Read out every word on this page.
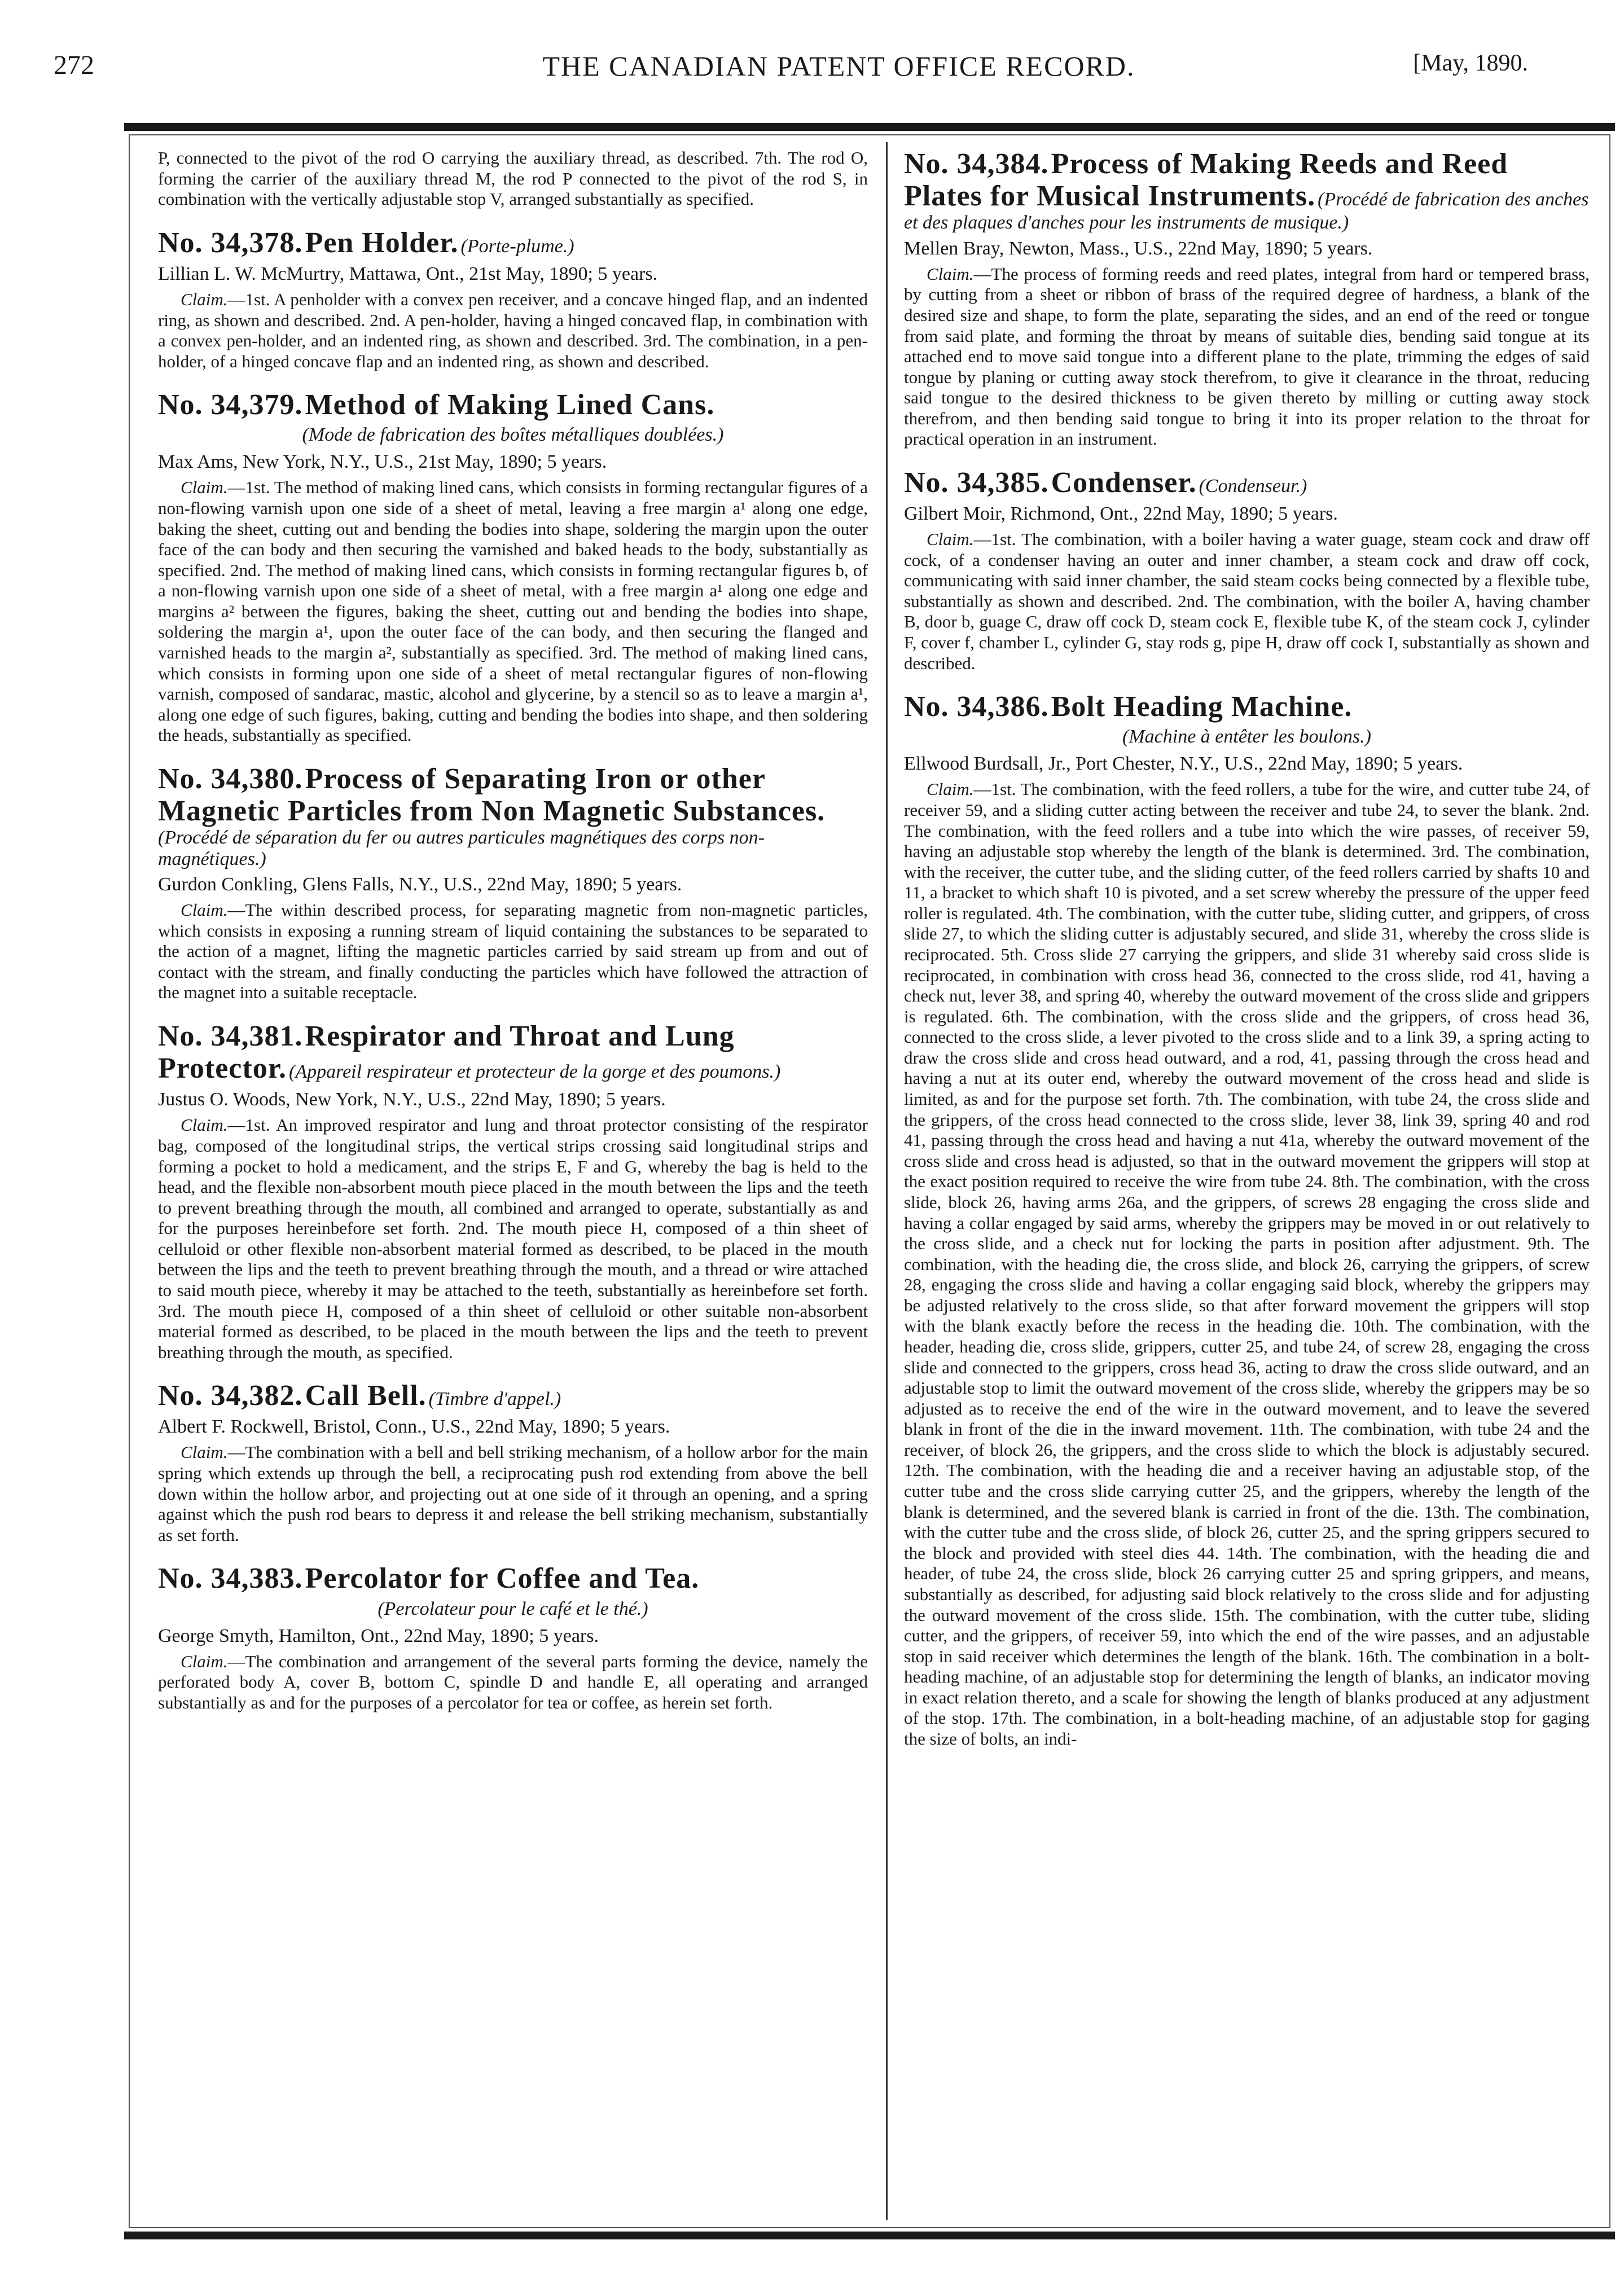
272	THE CANADIAN PATENT OFFICE RECORD.	[May, 1890.

P, connected to the pivot of the rod O carrying the auxiliary thread, as described. 7th. The rod O, forming the carrier of the auxiliary thread M, the rod P connected to the pivot of the rod S, in combination with the vertically adjustable stop V, arranged substantially as specified.

No. 34,378. Pen Holder. (Porte-plume.)
Lillian L. W. McMurtry, Mattawa, Ont., 21st May, 1890; 5 years.

Claim.—1st. A penholder with a convex pen receiver, and a concave hinged flap, and an indented ring, as shown and described. 2nd. A pen-holder, having a hinged concaved flap, in combination with a convex pen-holder, and an indented ring, as shown and described. 3rd. The combination, in a pen-holder, of a hinged concave flap and an indented ring, as shown and described.

No. 34,379. Method of Making Lined Cans.
(Mode de fabrication des boîtes métalliques doublées.)
Max Ams, New York, N.Y., U.S., 21st May, 1890; 5 years.

Claim.—1st. The method of making lined cans, which consists in forming rectangular figures of a non-flowing varnish upon one side of a sheet of metal, leaving a free margin a¹ along one edge, baking the sheet, cutting out and bending the bodies into shape, soldering the margin upon the outer face of the can body and then securing the varnished and baked heads to the body, substantially as specified. 2nd. The method of making lined cans, which consists in forming rectangular figures b, of a non-flowing varnish upon one side of a sheet of metal, with a free margin a¹ along one edge and margins a² between the figures, baking the sheet, cutting out and bending the bodies into shape, soldering the margin a¹, upon the outer face of the can body, and then securing the flanged and varnished heads to the margin a², substantially as specified. 3rd. The method of making lined cans, which consists in forming upon one side of a sheet of metal rectangular figures of non-flowing varnish, composed of sandarac, mastic, alcohol and glycerine, by a stencil so as to leave a margin a¹, along one edge of such figures, baking, cutting and bending the bodies into shape, and then soldering the heads, substantially as specified.

No. 34,380. Process of Separating Iron or other Magnetic Particles from Non Magnetic Substances. (Procédé de séparation du fer ou autres particules magnétiques des corps non-magnétiques.)
Gurdon Conkling, Glens Falls, N.Y., U.S., 22nd May, 1890; 5 years.

Claim.—The within described process, for separating magnetic from non-magnetic particles, which consists in exposing a running stream of liquid containing the substances to be separated to the action of a magnet, lifting the magnetic particles carried by said stream up from and out of contact with the stream, and finally conducting the particles which have followed the attraction of the magnet into a suitable receptacle.

No. 34,381. Respirator and Throat and Lung Protector. (Appareil respirateur et protecteur de la gorge et des poumons.)
Justus O. Woods, New York, N.Y., U.S., 22nd May, 1890; 5 years.

Claim.—1st. An improved respirator and lung and throat protector consisting of the respirator bag, composed of the longitudinal strips, the vertical strips crossing said longitudinal strips and forming a pocket to hold a medicament, and the strips E, F and G, whereby the bag is held to the head, and the flexible non-absorbent mouth piece placed in the mouth between the lips and the teeth to prevent breathing through the mouth, all combined and arranged to operate, substantially as and for the purposes hereinbefore set forth. 2nd. The mouth piece H, composed of a thin sheet of celluloid or other flexible non-absorbent material formed as described, to be placed in the mouth between the lips and the teeth to prevent breathing through the mouth, and a thread or wire attached to said mouth piece, whereby it may be attached to the teeth, substantially as hereinbefore set forth. 3rd. The mouth piece H, composed of a thin sheet of celluloid or other suitable non-absorbent material formed as described, to be placed in the mouth between the lips and the teeth to prevent breathing through the mouth, as specified.

No. 34,382. Call Bell. (Timbre d'appel.)
Albert F. Rockwell, Bristol, Conn., U.S., 22nd May, 1890; 5 years.

Claim.—The combination with a bell and bell striking mechanism, of a hollow arbor for the main spring which extends up through the bell, a reciprocating push rod extending from above the bell down within the hollow arbor, and projecting out at one side of it through an opening, and a spring against which the push rod bears to depress it and release the bell striking mechanism, substantially as set forth.

No. 34,383. Percolator for Coffee and Tea.
(Percolateur pour le café et le thé.)
George Smyth, Hamilton, Ont., 22nd May, 1890; 5 years.

Claim.—The combination and arrangement of the several parts forming the device, namely the perforated body A, cover B, bottom C, spindle D and handle E, all operating and arranged substantially as and for the purposes of a percolator for tea or coffee, as herein set forth.

No. 34,384. Process of Making Reeds and Reed Plates for Musical Instruments. (Procédé de fabrication des anches et des plaques d'anches pour les instruments de musique.)
Mellen Bray, Newton, Mass., U.S., 22nd May, 1890; 5 years.

Claim.—The process of forming reeds and reed plates, integral from hard or tempered brass, by cutting from a sheet or ribbon of brass of the required degree of hardness, a blank of the desired size and shape, to form the plate, separating the sides, and an end of the reed or tongue from said plate, and forming the throat by means of suitable dies, bending said tongue at its attached end to move said tongue into a different plane to the plate, trimming the edges of said tongue by planing or cutting away stock therefrom, to give it clearance in the throat, reducing said tongue to the desired thickness to be given thereto by milling or cutting away stock therefrom, and then bending said tongue to bring it into its proper relation to the throat for practical operation in an instrument.

No. 34,385. Condenser. (Condenseur.)
Gilbert Moir, Richmond, Ont., 22nd May, 1890; 5 years.

Claim.—1st. The combination, with a boiler having a water guage, steam cock and draw off cock, of a condenser having an outer and inner chamber, a steam cock and draw off cock, communicating with said inner chamber, the said steam cocks being connected by a flexible tube, substantially as shown and described. 2nd. The combination, with the boiler A, having chamber B, door b, guage C, draw off cock D, steam cock E, flexible tube K, of the steam cock J, cylinder F, cover f, chamber L, cylinder G, stay rods g, pipe H, draw off cock I, substantially as shown and described.

No. 34,386. Bolt Heading Machine.
(Machine à entêter les boulons.)
Ellwood Burdsall, Jr., Port Chester, N.Y., U.S., 22nd May, 1890; 5 years.

Claim.—1st. The combination, with the feed rollers, a tube for the wire, and cutter tube 24, of receiver 59, and a sliding cutter acting between the receiver and tube 24, to sever the blank. 2nd. The combination, with the feed rollers and a tube into which the wire passes, of receiver 59, having an adjustable stop whereby the length of the blank is determined. 3rd. The combination, with the receiver, the cutter tube, and the sliding cutter, of the feed rollers carried by shafts 10 and 11, a bracket to which shaft 10 is pivoted, and a set screw whereby the pressure of the upper feed roller is regulated. 4th. The combination, with the cutter tube, sliding cutter, and grippers, of cross slide 27, to which the sliding cutter is adjustably secured, and slide 31, whereby the cross slide is reciprocated. 5th. Cross slide 27 carrying the grippers, and slide 31 whereby said cross slide is reciprocated, in combination with cross head 36, connected to the cross slide, rod 41, having a check nut, lever 38, and spring 40, whereby the outward movement of the cross slide and grippers is regulated. 6th. The combination, with the cross slide and the grippers, of cross head 36, connected to the cross slide, a lever pivoted to the cross slide and to a link 39, a spring acting to draw the cross slide and cross head outward, and a rod, 41, passing through the cross head and having a nut at its outer end, whereby the outward movement of the cross head and slide is limited, as and for the purpose set forth. 7th. The combination, with tube 24, the cross slide and the grippers, of the cross head connected to the cross slide, lever 38, link 39, spring 40 and rod 41, passing through the cross head and having a nut 41a, whereby the outward movement of the cross slide and cross head is adjusted, so that in the outward movement the grippers will stop at the exact position required to receive the wire from tube 24. 8th. The combination, with the cross slide, block 26, having arms 26a, and the grippers, of screws 28 engaging the cross slide and having a collar engaged by said arms, whereby the grippers may be moved in or out relatively to the cross slide, and a check nut for locking the parts in position after adjustment. 9th. The combination, with the heading die, the cross slide, and block 26, carrying the grippers, of screw 28, engaging the cross slide and having a collar engaging said block, whereby the grippers may be adjusted relatively to the cross slide, so that after forward movement the grippers will stop with the blank exactly before the recess in the heading die. 10th. The combination, with the header, heading die, cross slide, grippers, cutter 25, and tube 24, of screw 28, engaging the cross slide and connected to the grippers, cross head 36, acting to draw the cross slide outward, and an adjustable stop to limit the outward movement of the cross slide, whereby the grippers may be so adjusted as to receive the end of the wire in the outward movement, and to leave the severed blank in front of the die in the inward movement. 11th. The combination, with tube 24 and the receiver, of block 26, the grippers, and the cross slide to which the block is adjustably secured. 12th. The combination, with the heading die and a receiver having an adjustable stop, of the cutter tube and the cross slide carrying cutter 25, and the grippers, whereby the length of the blank is determined, and the severed blank is carried in front of the die. 13th. The combination, with the cutter tube and the cross slide, of block 26, cutter 25, and the spring grippers secured to the block and provided with steel dies 44. 14th. The combination, with the heading die and header, of tube 24, the cross slide, block 26 carrying cutter 25 and spring grippers, and means, substantially as described, for adjusting said block relatively to the cross slide and for adjusting the outward movement of the cross slide. 15th. The combination, with the cutter tube, sliding cutter, and the grippers, of receiver 59, into which the end of the wire passes, and an adjustable stop in said receiver which determines the length of the blank. 16th. The combination in a bolt-heading machine, of an adjustable stop for determining the length of blanks, an indicator moving in exact relation thereto, and a scale for showing the length of blanks produced at any adjustment of the stop. 17th. The combination, in a bolt-heading machine, of an adjustable stop for gaging the size of bolts, an indi-
